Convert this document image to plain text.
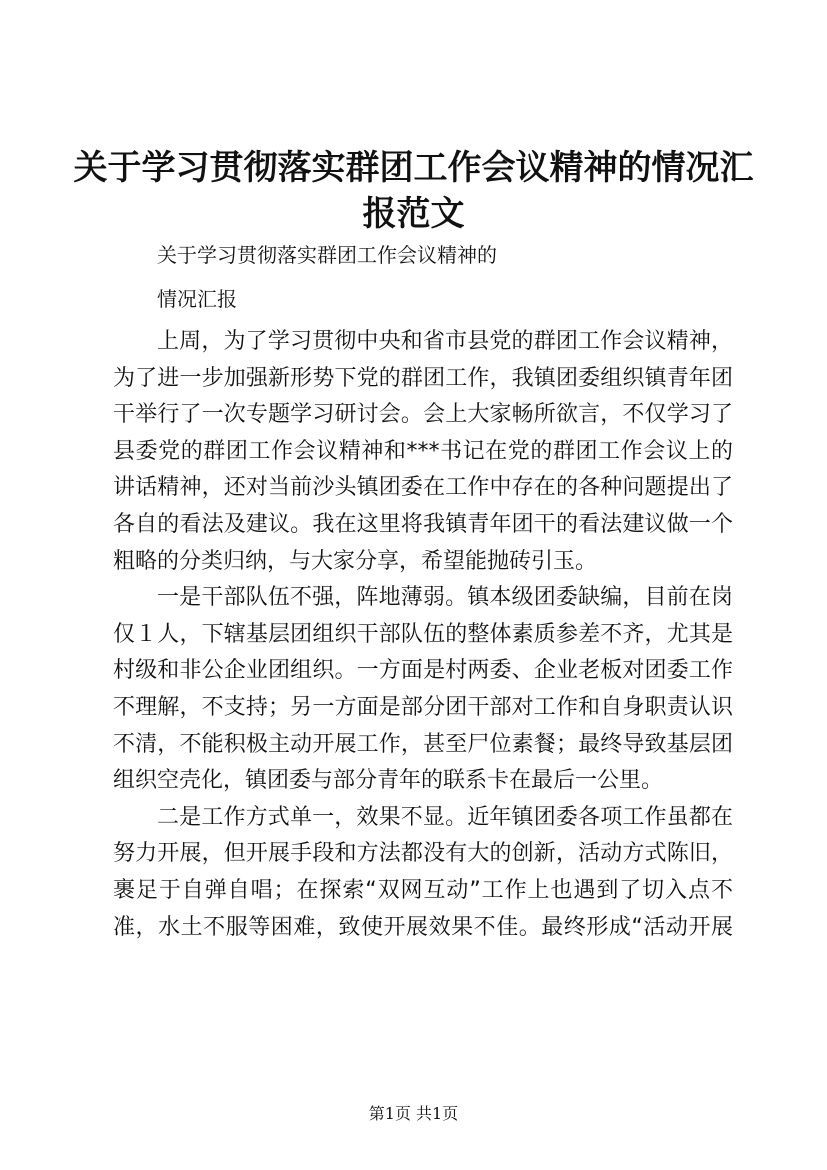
关于学习贯彻落实群团工作会议精神的情况汇报范文
关于学习贯彻落实群团工作会议精神的
情况汇报

上周，为了学习贯彻中央和省市县党的群团工作会议精神，为了进一步加强新形势下党的群团工作，我镇团委组织镇青年团干举行了一次专题学习研讨会。会上大家畅所欲言，不仅学习了县委党的群团工作会议精神和***书记在党的群团工作会议上的讲话精神，还对当前沙头镇团委在工作中存在的各种问题提出了各自的看法及建议。我在这里将我镇青年团干的看法建议做一个粗略的分类归纳，与大家分享，希望能抛砖引玉。

一是干部队伍不强，阵地薄弱。镇本级团委缺编，目前在岗仅１人，下辖基层团组织干部队伍的整体素质参差不齐，尤其是村级和非公企业团组织。一方面是村两委、企业老板对团委工作不理解，不支持；另一方面是部分团干部对工作和自身职责认识不清，不能积极主动开展工作，甚至尸位素餐；最终导致基层团组织空壳化，镇团委与部分青年的联系卡在最后一公里。

二是工作方式单一，效果不显。近年镇团委各项工作虽都在努力开展，但开展手段和方法都没有大的创新，活动方式陈旧，裹足于自弹自唱；在探索“双网互动”工作上也遇到了切入点不准，水土不服等困难，致使开展效果不佳。最终形成“活动开展

第1页 共1页
